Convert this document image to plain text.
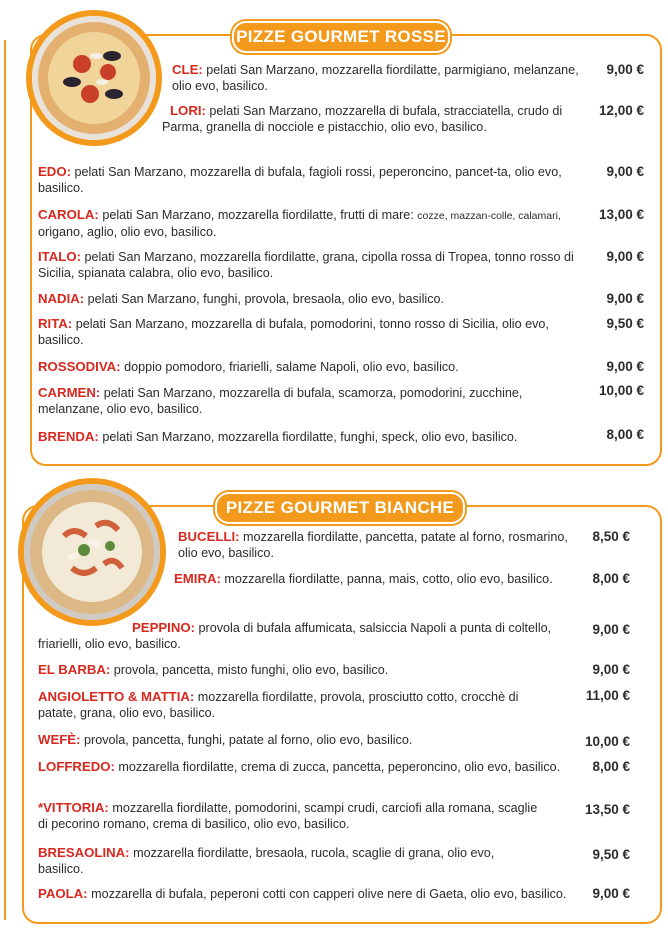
PIZZE GOURMET ROSSE
CLE: pelati San Marzano, mozzarella fiordilatte, parmigiano, melanzane, olio evo, basilico.
9,00 €
LORI: pelati San Marzano, mozzarella di bufala, stracciatella, crudo di Parma, granella di nocciole e pistacchio, olio evo, basilico.
12,00 €
EDO: pelati San Marzano, mozzarella di bufala, fagioli rossi, peperoncino, pancet-ta, olio evo, basilico.
9,00 €
CAROLA: pelati San Marzano, mozzarella fiordilatte, frutti di mare: cozze, mazzan-colle, calamari, origano, aglio, olio evo, basilico.
13,00 €
ITALO: pelati San Marzano, mozzarella fiordilatte, grana, cipolla rossa di Tropea, tonno rosso di Sicilia, spianata calabra, olio evo, basilico.
9,00 €
NADIA: pelati San Marzano, funghi, provola, bresaola, olio evo, basilico.	9,00 €
RITA: pelati San Marzano, mozzarella di bufala, pomodorini, tonno rosso di Sicilia, olio evo, basilico.
9,50 €
ROSSODIVA: doppio pomodoro, friarielli, salame Napoli, olio evo, basilico.	9,00 €
CARMEN: pelati San Marzano, mozzarella di bufala, scamorza, pomodorini, zucchine, melanzane, olio evo, basilico.
10,00 €
BRENDA: pelati San Marzano, mozzarella fiordilatte, funghi, speck, olio evo, basilico.	8,00 €
PIZZE GOURMET BIANCHE
BUCELLI: mozzarella fiordilatte, pancetta, patate al forno, rosmarino, olio evo, basilico.
8,50 €
EMIRA: mozzarella fiordilatte, panna, mais, cotto, olio evo, basilico.	8,00 €
PEPPINO: provola di bufala affumicata, salsiccia Napoli a punta di coltello, friarielli, olio evo, basilico.
9,00 €
EL BARBA: provola, pancetta, misto funghi, olio evo, basilico.	9,00 €
ANGIOLETTO & MATTIA: mozzarella fiordilatte, provola, prosciutto cotto, crocchè di patate, grana, olio evo, basilico.
11,00 €
WEFÈ: provola, pancetta, funghi, patate al forno, olio evo, basilico.	10,00 €
LOFFREDO: mozzarella fiordilatte, crema di zucca, pancetta, peperoncino, olio evo, basilico.	8,00 €
*VITTORIA: mozzarella fiordilatte, pomodorini, scampi crudi, carciofi alla romana, scaglie di pecorino romano, crema di basilico, olio evo, basilico.
13,50 €
BRESAOLINA: mozzarella fiordilatte, bresaola, rucola, scaglie di grana, olio evo, basilico.
9,50 €
PAOLA: mozzarella di bufala, peperoni cotti con capperi olive nere di Gaeta, olio evo, basilico.	9,00 €
